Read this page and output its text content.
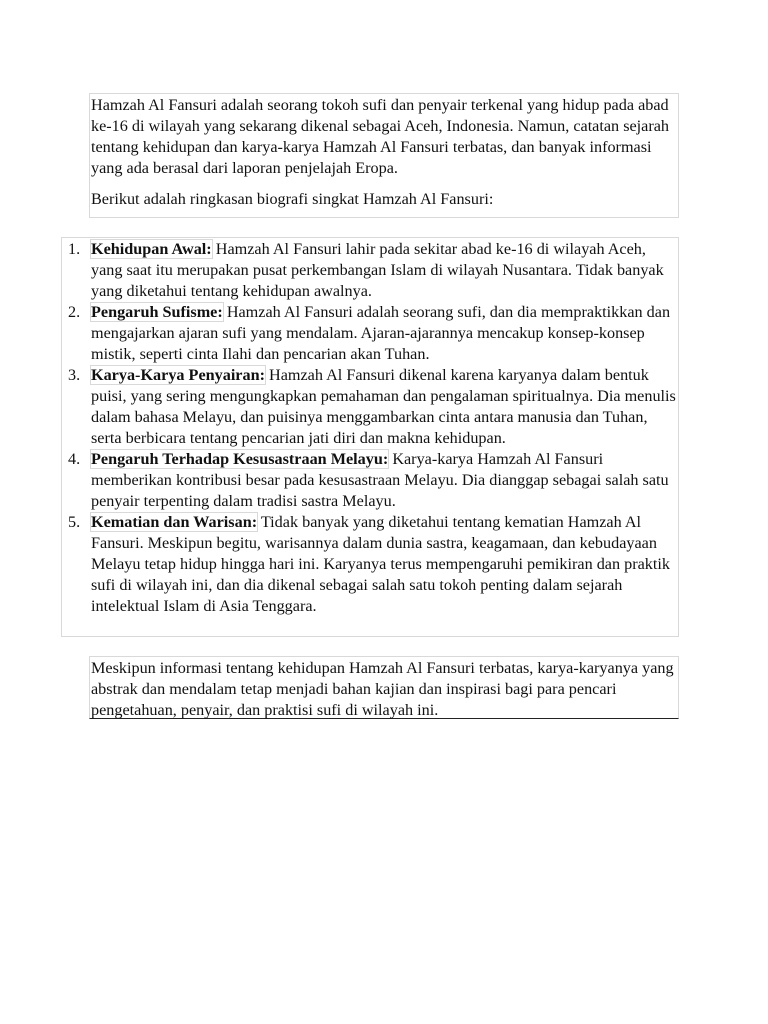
Hamzah Al Fansuri adalah seorang tokoh sufi dan penyair terkenal yang hidup pada abad ke-16 di wilayah yang sekarang dikenal sebagai Aceh, Indonesia. Namun, catatan sejarah tentang kehidupan dan karya-karya Hamzah Al Fansuri terbatas, dan banyak informasi yang ada berasal dari laporan penjelajah Eropa.

Berikut adalah ringkasan biografi singkat Hamzah Al Fansuri:

1. Kehidupan Awal: Hamzah Al Fansuri lahir pada sekitar abad ke-16 di wilayah Aceh, yang saat itu merupakan pusat perkembangan Islam di wilayah Nusantara. Tidak banyak yang diketahui tentang kehidupan awalnya.
2. Pengaruh Sufisme: Hamzah Al Fansuri adalah seorang sufi, dan dia mempraktikkan dan mengajarkan ajaran sufi yang mendalam. Ajaran-ajarannya mencakup konsep-konsep mistik, seperti cinta Ilahi dan pencarian akan Tuhan.
3. Karya-Karya Penyairan: Hamzah Al Fansuri dikenal karena karyanya dalam bentuk puisi, yang sering mengungkapkan pemahaman dan pengalaman spiritualnya. Dia menulis dalam bahasa Melayu, dan puisinya menggambarkan cinta antara manusia dan Tuhan, serta berbicara tentang pencarian jati diri dan makna kehidupan.
4. Pengaruh Terhadap Kesusastraan Melayu: Karya-karya Hamzah Al Fansuri memberikan kontribusi besar pada kesusastraan Melayu. Dia dianggap sebagai salah satu penyair terpenting dalam tradisi sastra Melayu.
5. Kematian dan Warisan: Tidak banyak yang diketahui tentang kematian Hamzah Al Fansuri. Meskipun begitu, warisannya dalam dunia sastra, keagamaan, dan kebudayaan Melayu tetap hidup hingga hari ini. Karyanya terus mempengaruhi pemikiran dan praktik sufi di wilayah ini, dan dia dikenal sebagai salah satu tokoh penting dalam sejarah intelektual Islam di Asia Tenggara.

Meskipun informasi tentang kehidupan Hamzah Al Fansuri terbatas, karya-karyanya yang abstrak dan mendalam tetap menjadi bahan kajian dan inspirasi bagi para pencari pengetahuan, penyair, dan praktisi sufi di wilayah ini.
